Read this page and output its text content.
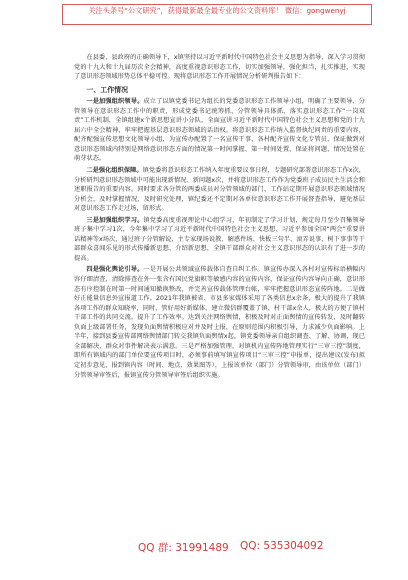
关注头条号“公文研究”，获得最新最全最专业的公文资料库！ 微信：gongwenyj

在县委、县政府的正确领导下，x镇坚持以习近平新时代中国特色社会主义思想为指导，深入学习贯彻党的十九大和十九届历次全会精神，高度重视意识形态工作，切实加强领导，强化担当，扎实推进，实现了意识形态领域形势总体平稳可控。现将意识形态工作开展情况分析研判报告如下：

一、工作情况

一是加强组织领导。成立了以镇党委书记为组长的党委意识形态工作领导小组，明确了主要领导、分管领导在意识形态工作中的职责，形成党委书记统筹抓、分管领导具体抓，落实意识形态工作“一岗双责”工作机制，全镇组建x个新思想宣讲小分队，全面宣讲习近平新时代中国特色社会主义思想和党的十九届六中全会精神，牢牢把握基层意识形态领域的话语权。将意识形态工作纳入监督执纪问责的重要内容，配齐配强宣传思想文化领导小组，为宣传办配置了一名宣传干事，各村配齐宣传文化专管员，保证做到对意识形态领域内特别是网络意识形态方面的情况第一时间掌握、第一时间处置，保证将问题、情况处置在萌芽状态。

二是强化组织保障。镇党委将意识形态工作纳入年度重要议事日程，专题研究部署意识形态工作x次，分析研判意识形态领域中可能出现新情况、新问题x次，并将意识形态工作作为党委班子成员民主生活会和述职报告的重要内容。同时要求各分管的两委成员对分管领域的部门、工作站定期开展意识形态领域情况分析会，及时掌握情况，及时研究处理，镇纪委还不定期对各单位意识形态工作开展督查指导，避免基层对意识形态工作走过场，留形式。

三是加强组织学习。镇党委高度重视理论中心组学习，年初制定了学习计划，规定每月至少召集领导班子集中学习1次，今年集中学习了习近平新时代中国特色社会主义思想、习近平参加全国“两会”重要讲话精神等x场次，通过班子分管解说，主专家现场说教、解惑件场、快板三句半、滚弄说事、树下事事等干部群众喜闻乐见的形式传播新思想、介绍新思想，全镇干部群众对社会主义意识形态的认识有了进一步的提高。

四是强化舆论引导。一是开展公共领域宣传载体自查自纠工作。镇宣传办深入各村对宣传标语横幅内容仔细清查，清除排查在外一张含有国民党旗帜等敏感内容的宣传内容，保证宣传内容导向正确，意识形态有序控制在时第一时间通知撤换整改，并完善宣传载体管理台帐，牢牢把握意识形态宣传阵地。二是做好正能量信息外宣报道工作。2021年我镇被省、市县多家媒体采用了各类信息x余条，极大的提升了我镇各项工作的群众知晓率，同时，管好用好新媒体，建立微信群覆盖了镇、村干部x余人，极大的方便了镇村干部工作的共同交流。提升了工作效率。达到关注网络舆情，积极及时对正面舆情的宣传转发，及时翻转负面上级部署任务，发现负面舆情积极应对并及时上报，在原则范围内积极引导，力求减少负面影响。上半年，接到县委宣传部网络舆情部门转交我镇负面舆情x起，镇党委领导亲自组织调查、了解、协调，现已全部解决，群众对事件解决表示满意。三是严格加强管理，对镇机内宣传阵地管理实行“三审三控”制度，即所有镇域内的部门单位要宣传项目时，必须事前填写镇宣传项目“三审三控”申报单，提出建议(发布)拟定初步意见，报到镇内容（时间、地点、效果图等），上报该单位（部门）分管领导审，由该单位（部门）分管领导审签后，报镇宣传分管领导审签后组织实施。

QQ 群: 31991489 QQ: 535304092
